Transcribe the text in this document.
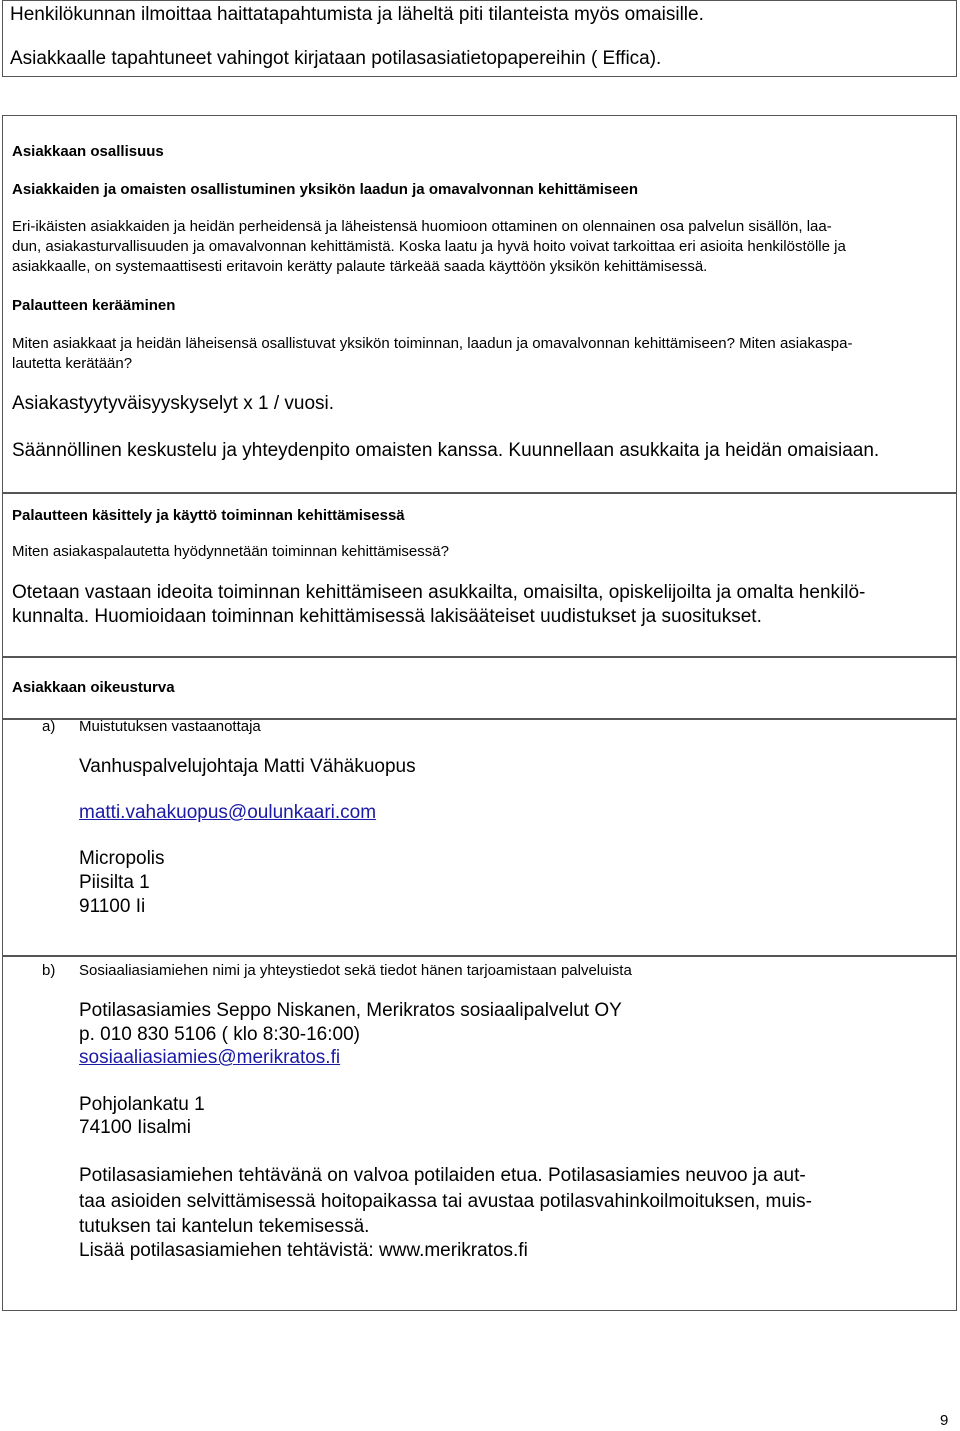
Henkilökunnan ilmoittaa haittatapahtumista ja läheltä piti tilanteista myös omaisille.
Asiakkaalle tapahtuneet vahingot kirjataan potilasasiatietopapereihin ( Effica).
Asiakkaan osallisuus
Asiakkaiden ja omaisten osallistuminen yksikön laadun ja omavalvonnan kehittämiseen
Eri-ikäisten asiakkaiden ja heidän perheidensä ja läheistensä huomioon ottaminen on olennainen osa palvelun sisällön, laa-
dun, asiakasturvallisuuden ja omavalvonnan kehittämistä. Koska laatu ja hyvä hoito voivat tarkoittaa eri asioita henkilöstölle ja
asiakkaalle, on systemaattisesti eritavoin kerätty palaute tärkeää saada käyttöön yksikön kehittämisessä.
Palautteen kerääminen
Miten asiakkaat ja heidän läheisensä osallistuvat yksikön toiminnan, laadun ja omavalvonnan kehittämiseen? Miten asiakaspa-
lautetta kerätään?
Asiakastyytyväisyyskyselyt x 1 / vuosi.
Säännöllinen keskustelu ja yhteydenpito omaisten kanssa. Kuunnellaan asukkaita ja heidän omaisiaan.
Palautteen käsittely ja käyttö toiminnan kehittämisessä
Miten asiakaspalautetta hyödynnetään toiminnan kehittämisessä?
Otetaan vastaan ideoita toiminnan kehittämiseen asukkailta, omaisilta, opiskelijoilta ja omalta henkilö-
kunnalta. Huomioidaan toiminnan kehittämisessä lakisääteiset uudistukset ja suositukset.
Asiakkaan oikeusturva
a) Muistutuksen vastaanottaja
Vanhuspalvelujohtaja Matti Vähäkuopus
matti.vahakuopus@oulunkaari.com
Micropolis
Piisilta 1
91100 Ii
b) Sosiaaliasiamiehen nimi ja yhteystiedot sekä tiedot hänen tarjoamistaan palveluista
Potilasasiamies Seppo Niskanen, Merikratos sosiaalipalvelut OY
p. 010 830 5106 ( klo 8:30-16:00)
sosiaaliasiamies@merikratos.fi
Pohjolankatu 1
74100 Iisalmi
Potilasasiamiehen tehtävänä on valvoa potilaiden etua. Potilasasiamies neuvoo ja aut-
taa asioiden selvittämisessä hoitopaikassa tai avustaa potilasvahinkoilmoituksen, muis-
tutuksen tai kantelun tekemisessä.
Lisää potilasasiamiehen tehtävistä: www.merikratos.fi
9
